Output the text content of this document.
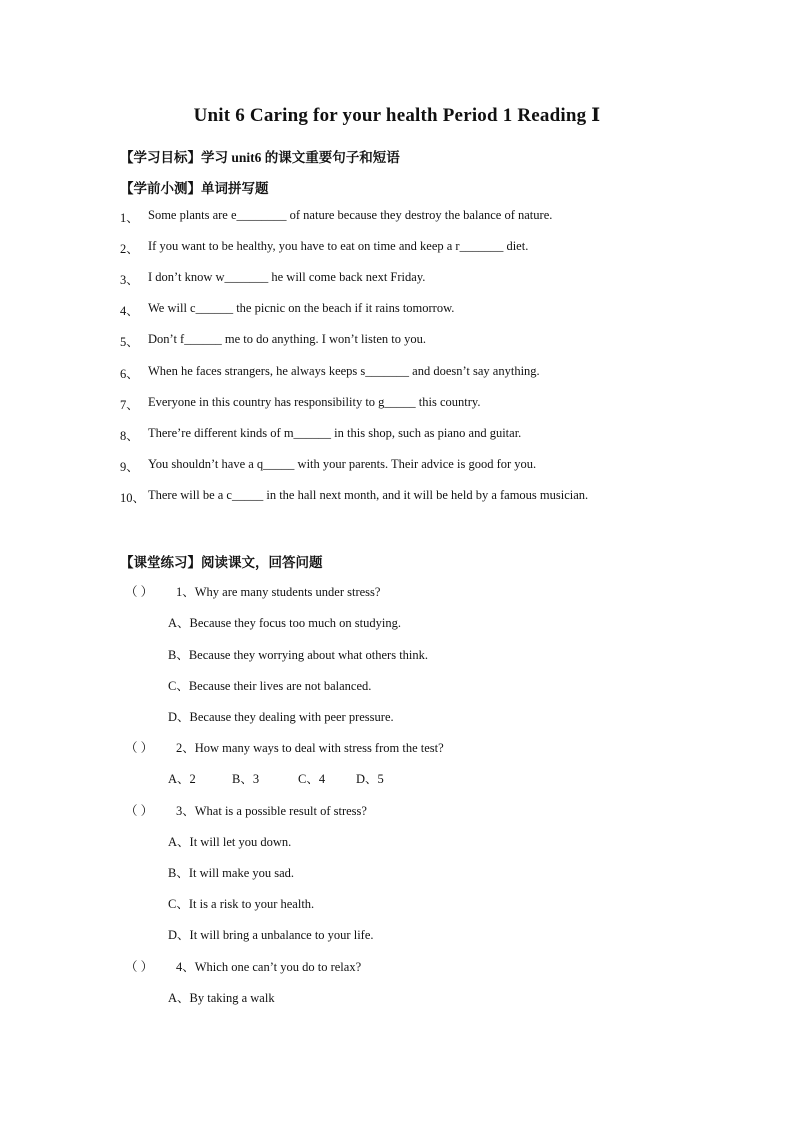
Unit 6 Caring for your health Period 1 Reading Ⅰ
【学习目标】学习 unit6 的课文重要句子和短语
【学前小测】单词拼写题
1、 Some plants are e________ of nature because they destroy the balance of nature.
2、 If you want to be healthy, you have to eat on time and keep a r_______ diet.
3、 I don’t know w_______ he will come back next Friday.
4、 We will c______ the picnic on the beach if it rains tomorrow.
5、 Don’t f______ me to do anything. I won’t listen to you.
6、 When he faces strangers, he always keeps s_______ and doesn’t say anything.
7、 Everyone in this country has responsibility to g_____ this country.
8、 There’re different kinds of m______ in this shop, such as piano and guitar.
9、 You shouldn’t have a q_____ with your parents. Their advice is good for you.
10、 There will be a c_____ in the hall next month, and it will be held by a famous musician.
【课堂练习】阅读课文，回答问题
（ ） 1、Why are many students under stress?
A、Because they focus too much on studying.
B、Because they worrying about what others think.
C、Because their lives are not balanced.
D、Because they dealing with peer pressure.
（ ） 2、How many ways to deal with stress from the test?
A、2	B、3	C、4 D、5
（ ） 3、What is a possible result of stress?
A、It will let you down.
B、It will make you sad.
C、It is a risk to your health.
D、It will bring a unbalance to your life.
（ ） 4、Which one can’t you do to relax?
A、By taking a walk
